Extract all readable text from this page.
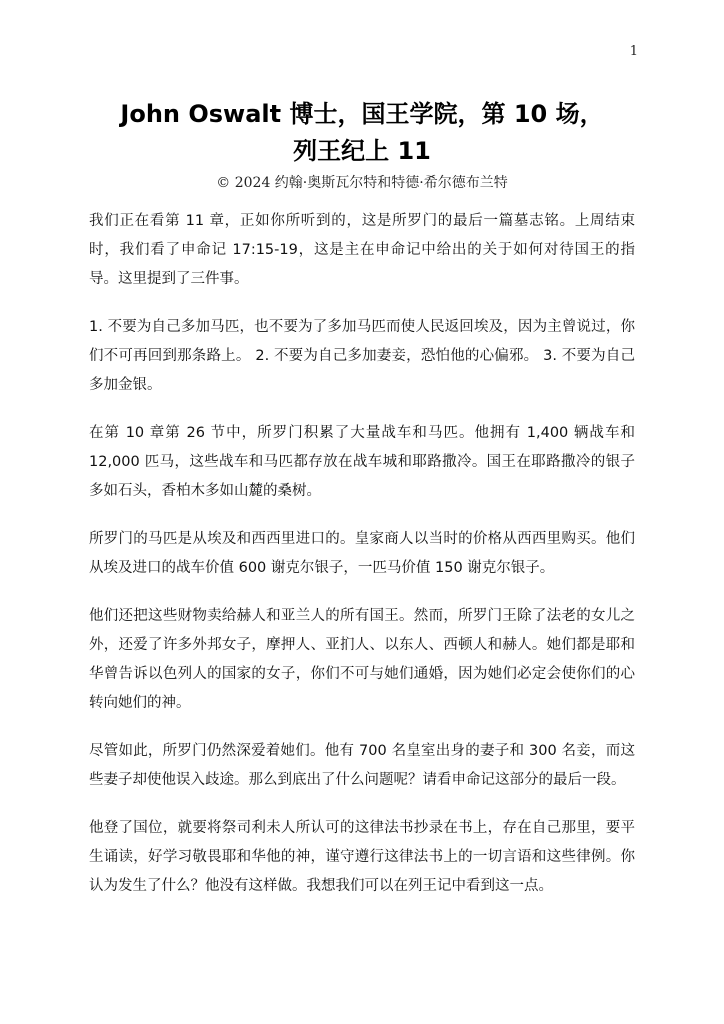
1

John Oswalt 博士，国王学院，第 10 场，

列王纪上 11

© 2024 约翰·奥斯瓦尔特和特德·希尔德布兰特

我们正在看第 11 章，正如你所听到的，这是所罗门的最后一篇墓志铭。上周结束时，我们看了申命记 17:15-19，这是主在申命记中给出的关于如何对待国王的指导。这里提到了三件事。

1. 不要为自己多加马匹，也不要为了多加马匹而使人民返回埃及，因为主曾说过，你们不可再回到那条路上。 2. 不要为自己多加妻妾，恐怕他的心偏邪。 3. 不要为自己多加金银。

在第 10 章第 26 节中，所罗门积累了大量战车和马匹。他拥有 1,400 辆战车和 12,000 匹马，这些战车和马匹都存放在战车城和耶路撒冷。国王在耶路撒冷的银子多如石头，香柏木多如山麓的桑树。

所罗门的马匹是从埃及和西西里进口的。皇家商人以当时的价格从西西里购买。他们从埃及进口的战车价值 600 谢克尔银子，一匹马价值 150 谢克尔银子。

他们还把这些财物卖给赫人和亚兰人的所有国王。然而，所罗门王除了法老的女儿之外，还爱了许多外邦女子，摩押人、亚扪人、以东人、西顿人和赫人。她们都是耶和华曾告诉以色列人的国家的女子，你们不可与她们通婚，因为她们必定会使你们的心转向她们的神。

尽管如此，所罗门仍然深爱着她们。他有 700 名皇室出身的妻子和 300 名妾，而这些妻子却使他误入歧途。那么到底出了什么问题呢？请看申命记这部分的最后一段。

他登了国位，就要将祭司利未人所认可的这律法书抄录在书上，存在自己那里，要平生诵读，好学习敬畏耶和华他的神，谨守遵行这律法书上的一切言语和这些律例。你认为发生了什么？他没有这样做。我想我们可以在列王记中看到这一点。
